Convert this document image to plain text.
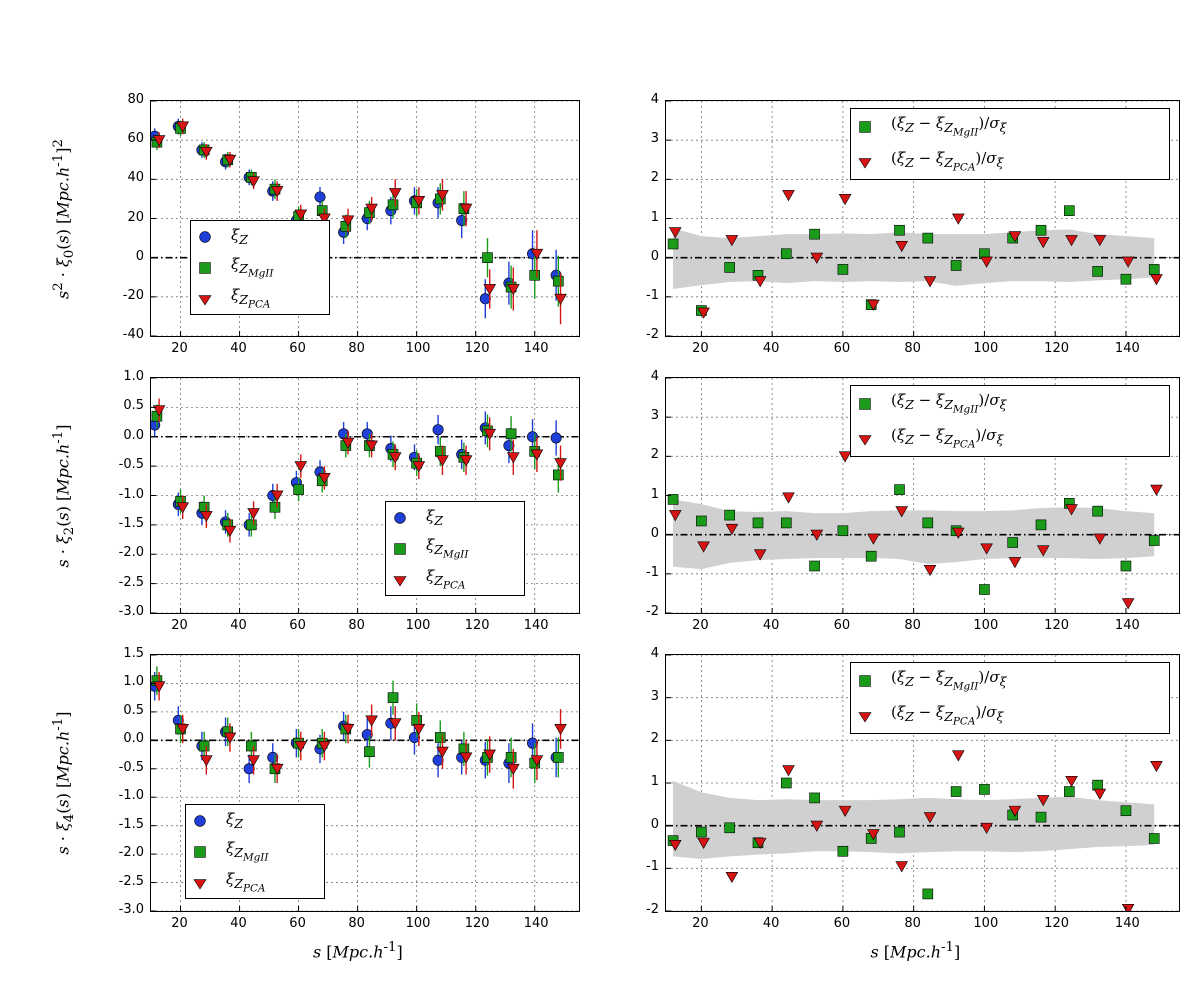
20	40	60	80	100	120	140
-40
-20
0
20
40
60
80
20	40	60	80	100	120	140
-2
-1
0
1
2
3
4
20	40	60	80	100	120	140
-3.0
-2.5
-2.0
-1.5
-1.0
-0.5
0.0
0.5
1.0
20	40	60	80	100	120	140
-2
-1
0
1
2
3
4
20	40	60	80	100	120	140
-3.0
-2.5
-2.0
-1.5
-1.0
-0.5
0.0
0.5
1.0
1.5
20	40	60	80	100	120	140
-2
-1
0
1
2
3
4
$s^2 \cdot \xi_0(s)$ $[Mpc.h^{-1}]^2$
$s \cdot \xi_2(s)$ $[Mpc.h^{-1}]$
$s \cdot \xi_4(s)$ $[Mpc.h^{-1}]$
s $[Mpc.h^{-1}]$	s $[Mpc.h^{-1}]$
$\xi_Z$
$\xi_{Z_{MgII}}$
$\xi_{Z_{PCA}}$
$\xi_Z$
$\xi_{Z_{MgII}}$
$\xi_{Z_{PCA}}$
$\xi_Z$
$\xi_{Z_{MgII}}$
$\xi_{Z_{PCA}}$
$(\xi_Z - \xi_{Z_{MgII}})/\sigma_\xi$
$(\xi_Z - \xi_{Z_{PCA}})/\sigma_\xi$
$(\xi_Z - \xi_{Z_{MgII}})/\sigma_\xi$
$(\xi_Z - \xi_{Z_{PCA}})/\sigma_\xi$
$(\xi_Z - \xi_{Z_{MgII}})/\sigma_\xi$
$(\xi_Z - \xi_{Z_{PCA}})/\sigma_\xi$
